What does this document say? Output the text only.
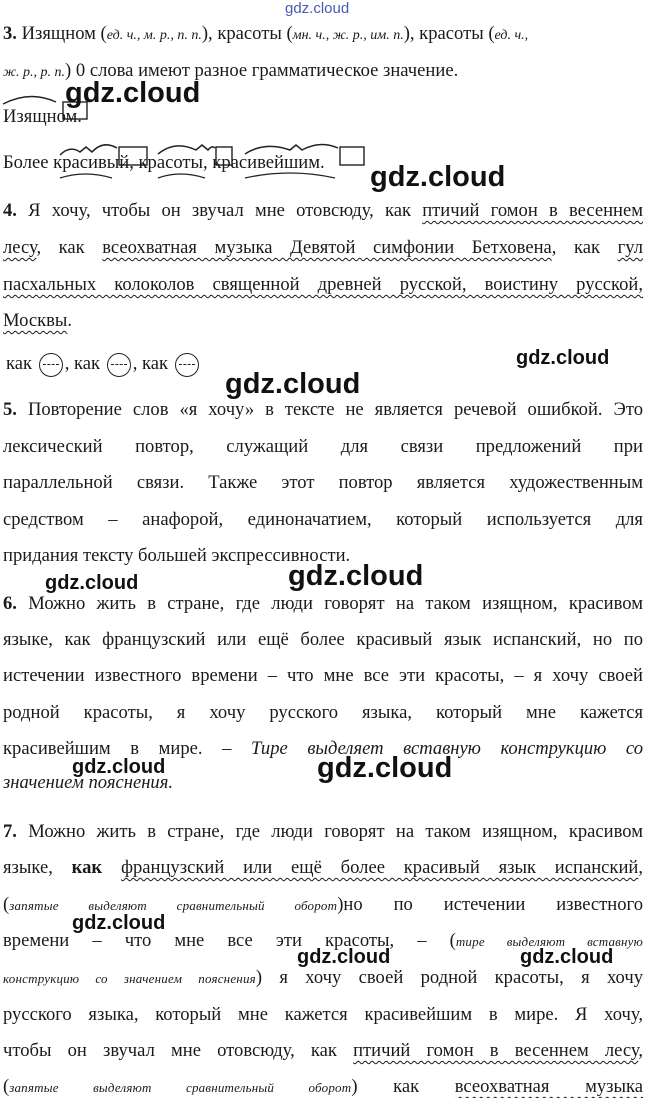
gdz.cloud
3. Изящном (ед. ч., м. р., п. п.), красоты (мн. ч., ж. р., им. п.), красоты (ед. ч.,
ж. р., р. п.) 0 слова имеют разное грамматическое значение.
Изящном.
gdz.cloud
Более красивый, красоты, красивейшим. gdz.cloud
4. Я хочу, чтобы он звучал мне отовсюду, как птичий гомон в весеннем
лесу, как всеохватная музыка Девятой симфонии Бетховена, как гул
пасхальных колоколов священной древней русской, воистину русской,
Москвы.
как , как , как	gdz.cloud
gdz.cloud
5. Повторение слов «я хочу» в тексте не является речевой ошибкой. Это
лексический повтор, служащий для связи предложений при
параллельной связи. Также этот повтор является художественным
средством – анафорой, единоначатием, который используется для
придания тексту большей экспрессивности.
gdz.cloud	gdz.cloud
6. Можно жить в стране, где люди говорят на таком изящном, красивом
языке, как французский или ещё более красивый язык испанский, но по
истечении известного времени – что мне все эти красоты, – я хочу своей
родной красоты, я хочу русского языка, который мне кажется
красивейшим в мире. – Тире выделяет вставную конструкцию со
значением пояснения.
gdz.cloud	gdz.cloud
7. Можно жить в стране, где люди говорят на таком изящном, красивом
языке, как французский или ещё более красивый язык испанский,
(запятые выделяют сравнительный оборот)но по истечении известного
времени – что мне все эти красоты, – (тире выделяют вставную
конструкцию со значением пояснения) я хочу своей родной красоты, я хочу
русского языка, который мне кажется красивейшим в мире. Я хочу,
чтобы он звучал мне отовсюду, как птичий гомон в весеннем лесу,
(запятые выделяют сравнительный оборот) как всеохватная музыка
gdz.cloud
gdz.cloud	gdz.cloud
